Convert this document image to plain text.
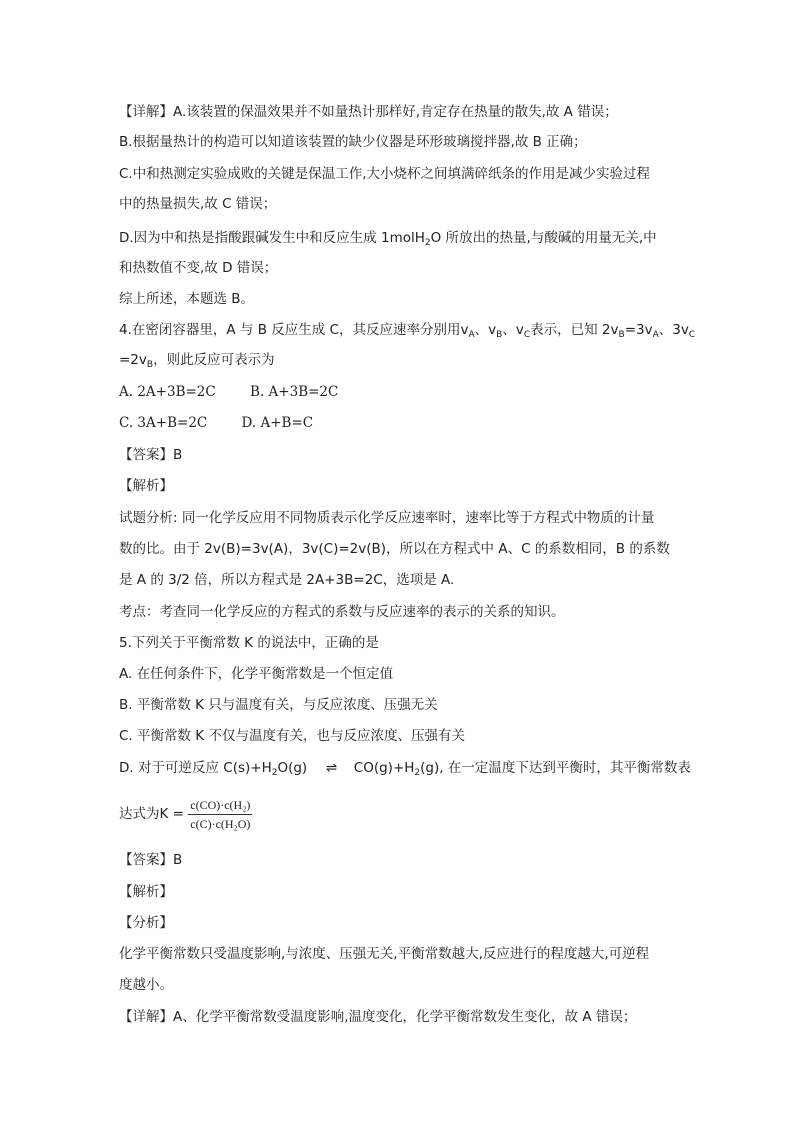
【详解】A.该装置的保温效果并不如量热计那样好,肯定存在热量的散失,故 A 错误；
B.根据量热计的构造可以知道该装置的缺少仪器是环形玻璃搅拌器,故 B 正确；
C.中和热测定实验成败的关键是保温工作,大小烧杯之间填满碎纸条的作用是减少实验过程
中的热量损失,故 C 错误；
D.因为中和热是指酸跟碱发生中和反应生成 1molH$_2$O 所放出的热量,与酸碱的用量无关,中
和热数值不变,故 D 错误；
综上所述，本题选 B。
4.在密闭容器里，A 与 B 反应生成 C，其反应速率分别用$v_A$、$v_B$、$v_C$表示，已知 $2v_B=3v_A$、$3v_C$
$=2v_B$，则此反应可表示为
A. 2A+3B=2C        B. A+3B=2C
C. 3A+B=2C        D. A+B=C
【答案】B
【解析】
试题分析: 同一化学反应用不同物质表示化学反应速率时，速率比等于方程式中物质的计量
数的比。由于 2v(B)=3v(A)，3v(C)=2v(B)，所以在方程式中 A、C 的系数相同，B 的系数
是 A 的 3/2 倍，所以方程式是 2A+3B=2C，选项是 A.
考点：考查同一化学反应的方程式的系数与反应速率的表示的关系的知识。
5.下列关于平衡常数 K 的说法中，正确的是
A. 在任何条件下，化学平衡常数是一个恒定值
B. 平衡常数 K 只与温度有关，与反应浓度、压强无关
C. 平衡常数 K 不仅与温度有关，也与反应浓度、压强有关
D. 对于可逆反应 $C(s)+H_2O(g)$ ⇌ $CO(g)+H_2(g)$, 在一定温度下达到平衡时，其平衡常数表
达式为$K = \frac{\text{c(CO)·c(H₂)}}{\text{c(C)·c(H₂O)}}$
【答案】B
【解析】
【分析】
化学平衡常数只受温度影响,与浓度、压强无关,平衡常数越大,反应进行的程度越大,可逆程
度越小。
【详解】A、化学平衡常数受温度影响,温度变化，化学平衡常数发生变化，故 A 错误；
